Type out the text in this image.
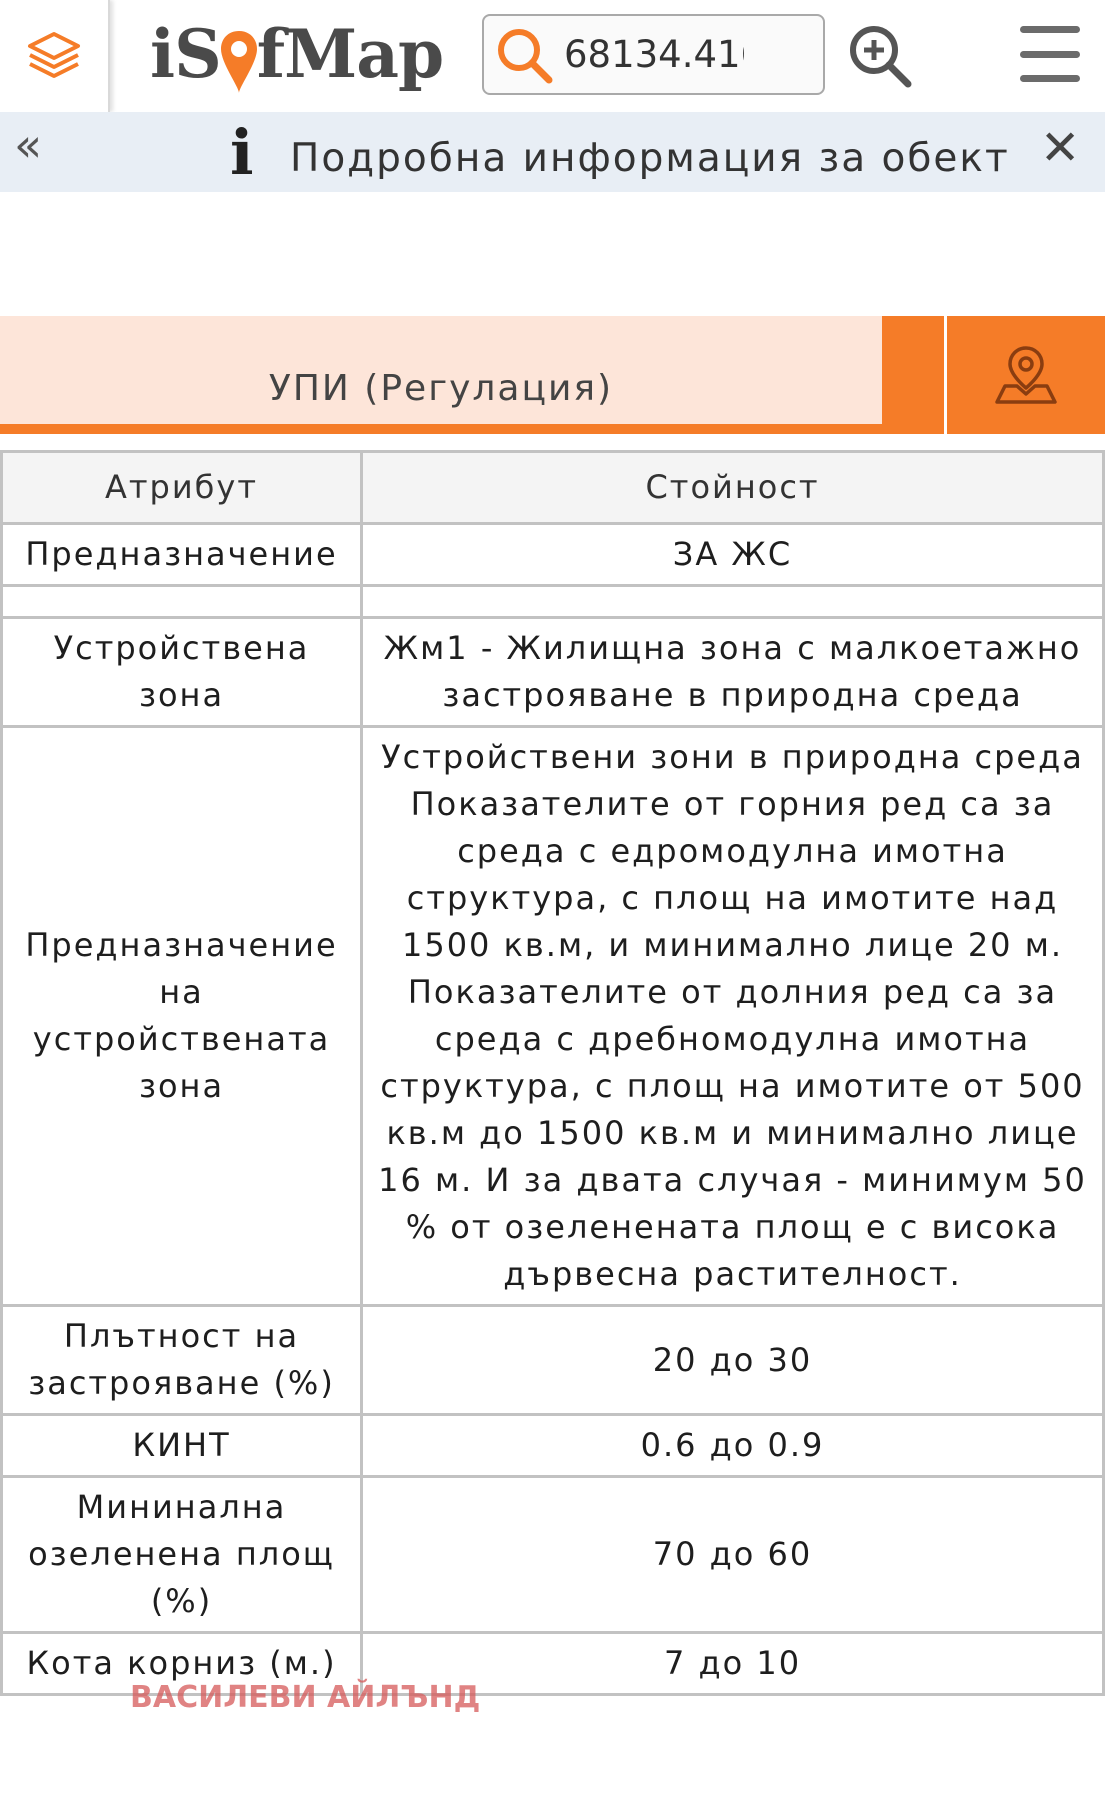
iS fMap
68134.416
«	i Подробна информация за обект ✕
УПИ (Регулация)
Атрибут	Стойност
Предназначение	ЗА ЖС

Устройствена зона	Жм1 - Жилищна зона с малкоетажно застрояване в природна среда
Предназначение на устройствената зона	Устройствени зони в природна среда Показателите от горния ред са за среда с едромодулна имотна структура, с площ на имотите над 1500 кв.м, и минимално лице 20 м. Показателите от долния ред са за среда с дребномодулна имотна структура, с площ на имотите от 500 кв.м до 1500 кв.м и минимално лице 16 м. И за двата случая - минимум 50 % от озеленената площ е с висока дървесна растителност.
Плътност на застрояване (%)	20 до 30
КИНТ	0.6 до 0.9
Мининална озеленена площ (%)	70 до 60
Кота корниз (м.)	7 до 10
ВАСИЛЕВИ АЙЛЪНД
